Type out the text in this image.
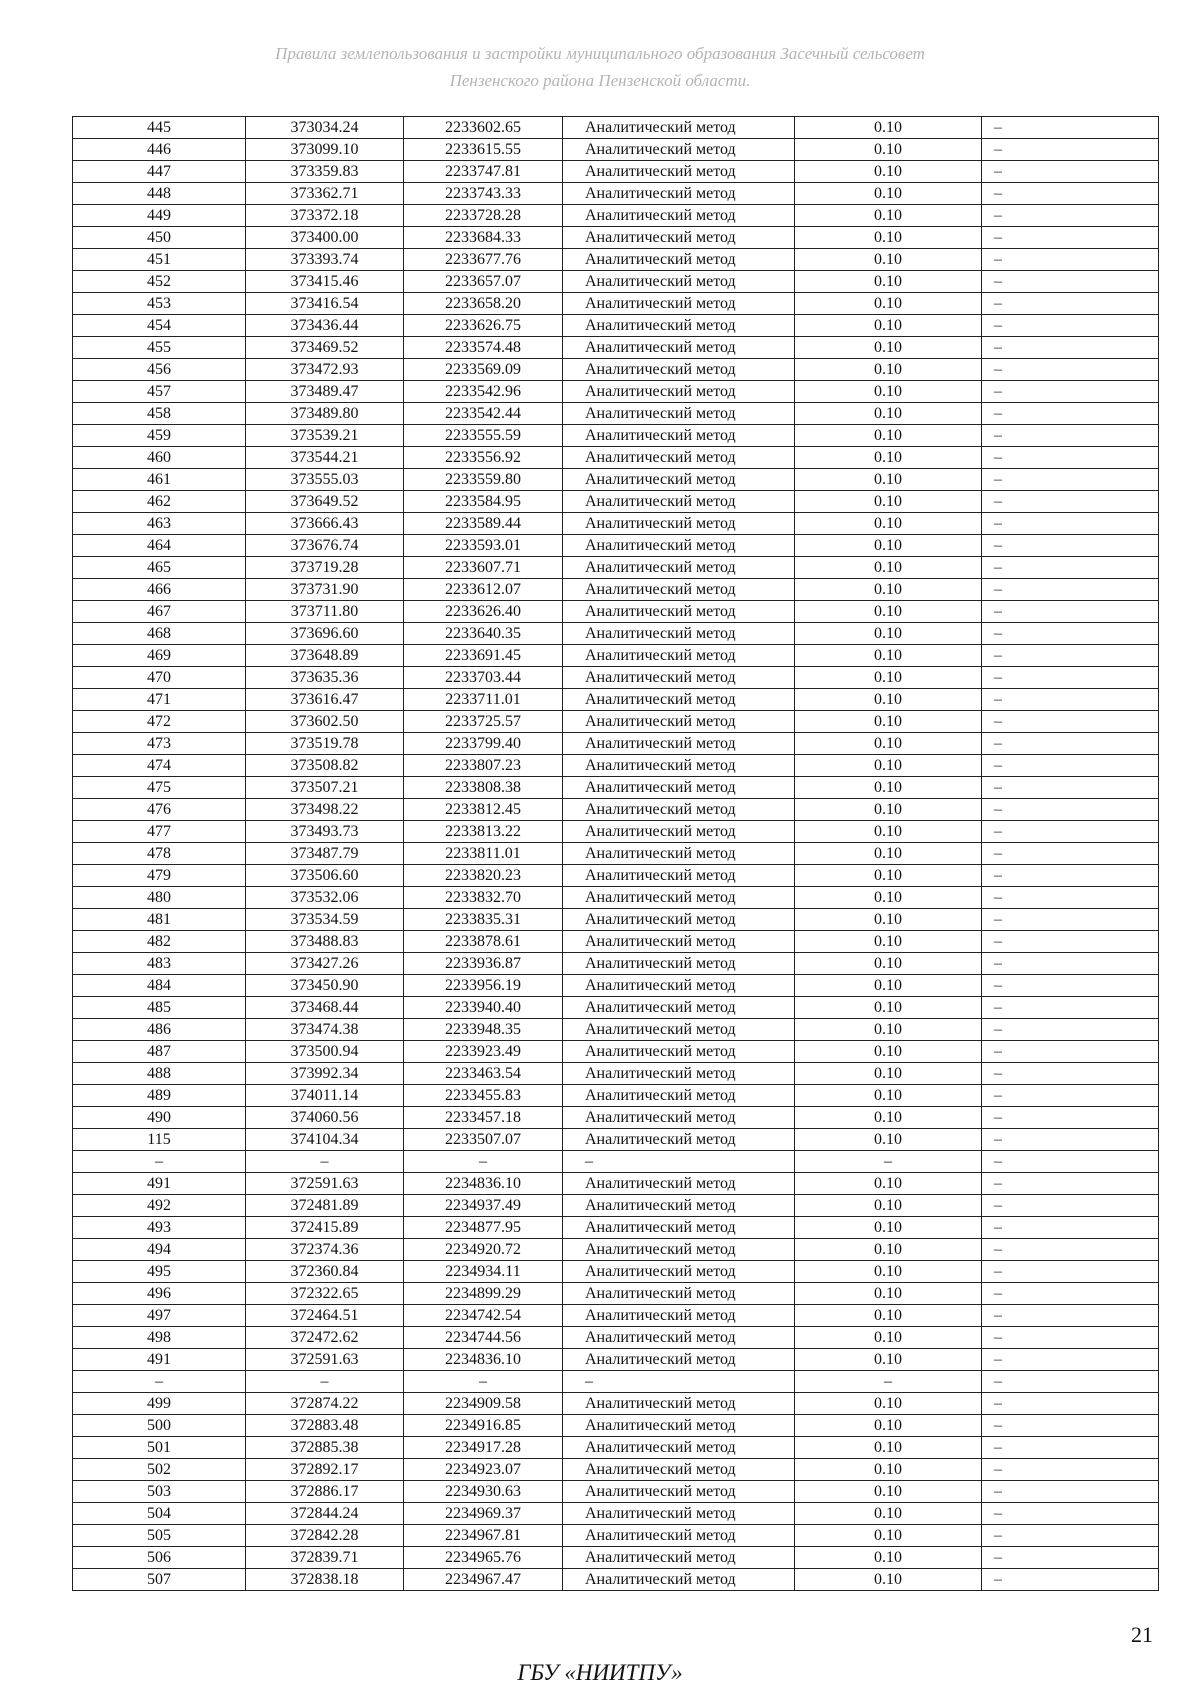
Правила землепользования и застройки муниципального образования Засечный сельсовет
Пензенского района Пензенской области.
445	373034.24	2233602.65	Аналитический метод	0.10	–
446	373099.10	2233615.55	Аналитический метод	0.10	–
447	373359.83	2233747.81	Аналитический метод	0.10	–
448	373362.71	2233743.33	Аналитический метод	0.10	–
449	373372.18	2233728.28	Аналитический метод	0.10	–
450	373400.00	2233684.33	Аналитический метод	0.10	–
451	373393.74	2233677.76	Аналитический метод	0.10	–
452	373415.46	2233657.07	Аналитический метод	0.10	–
453	373416.54	2233658.20	Аналитический метод	0.10	–
454	373436.44	2233626.75	Аналитический метод	0.10	–
455	373469.52	2233574.48	Аналитический метод	0.10	–
456	373472.93	2233569.09	Аналитический метод	0.10	–
457	373489.47	2233542.96	Аналитический метод	0.10	–
458	373489.80	2233542.44	Аналитический метод	0.10	–
459	373539.21	2233555.59	Аналитический метод	0.10	–
460	373544.21	2233556.92	Аналитический метод	0.10	–
461	373555.03	2233559.80	Аналитический метод	0.10	–
462	373649.52	2233584.95	Аналитический метод	0.10	–
463	373666.43	2233589.44	Аналитический метод	0.10	–
464	373676.74	2233593.01	Аналитический метод	0.10	–
465	373719.28	2233607.71	Аналитический метод	0.10	–
466	373731.90	2233612.07	Аналитический метод	0.10	–
467	373711.80	2233626.40	Аналитический метод	0.10	–
468	373696.60	2233640.35	Аналитический метод	0.10	–
469	373648.89	2233691.45	Аналитический метод	0.10	–
470	373635.36	2233703.44	Аналитический метод	0.10	–
471	373616.47	2233711.01	Аналитический метод	0.10	–
472	373602.50	2233725.57	Аналитический метод	0.10	–
473	373519.78	2233799.40	Аналитический метод	0.10	–
474	373508.82	2233807.23	Аналитический метод	0.10	–
475	373507.21	2233808.38	Аналитический метод	0.10	–
476	373498.22	2233812.45	Аналитический метод	0.10	–
477	373493.73	2233813.22	Аналитический метод	0.10	–
478	373487.79	2233811.01	Аналитический метод	0.10	–
479	373506.60	2233820.23	Аналитический метод	0.10	–
480	373532.06	2233832.70	Аналитический метод	0.10	–
481	373534.59	2233835.31	Аналитический метод	0.10	–
482	373488.83	2233878.61	Аналитический метод	0.10	–
483	373427.26	2233936.87	Аналитический метод	0.10	–
484	373450.90	2233956.19	Аналитический метод	0.10	–
485	373468.44	2233940.40	Аналитический метод	0.10	–
486	373474.38	2233948.35	Аналитический метод	0.10	–
487	373500.94	2233923.49	Аналитический метод	0.10	–
488	373992.34	2233463.54	Аналитический метод	0.10	–
489	374011.14	2233455.83	Аналитический метод	0.10	–
490	374060.56	2233457.18	Аналитический метод	0.10	–
115	374104.34	2233507.07	Аналитический метод	0.10	–
–	–	–	–	–	–
491	372591.63	2234836.10	Аналитический метод	0.10	–
492	372481.89	2234937.49	Аналитический метод	0.10	–
493	372415.89	2234877.95	Аналитический метод	0.10	–
494	372374.36	2234920.72	Аналитический метод	0.10	–
495	372360.84	2234934.11	Аналитический метод	0.10	–
496	372322.65	2234899.29	Аналитический метод	0.10	–
497	372464.51	2234742.54	Аналитический метод	0.10	–
498	372472.62	2234744.56	Аналитический метод	0.10	–
491	372591.63	2234836.10	Аналитический метод	0.10	–
–	–	–	–	–	–
499	372874.22	2234909.58	Аналитический метод	0.10	–
500	372883.48	2234916.85	Аналитический метод	0.10	–
501	372885.38	2234917.28	Аналитический метод	0.10	–
502	372892.17	2234923.07	Аналитический метод	0.10	–
503	372886.17	2234930.63	Аналитический метод	0.10	–
504	372844.24	2234969.37	Аналитический метод	0.10	–
505	372842.28	2234967.81	Аналитический метод	0.10	–
506	372839.71	2234965.76	Аналитический метод	0.10	–
507	372838.18	2234967.47	Аналитический метод	0.10	–
21
ГБУ «НИИТПУ»
